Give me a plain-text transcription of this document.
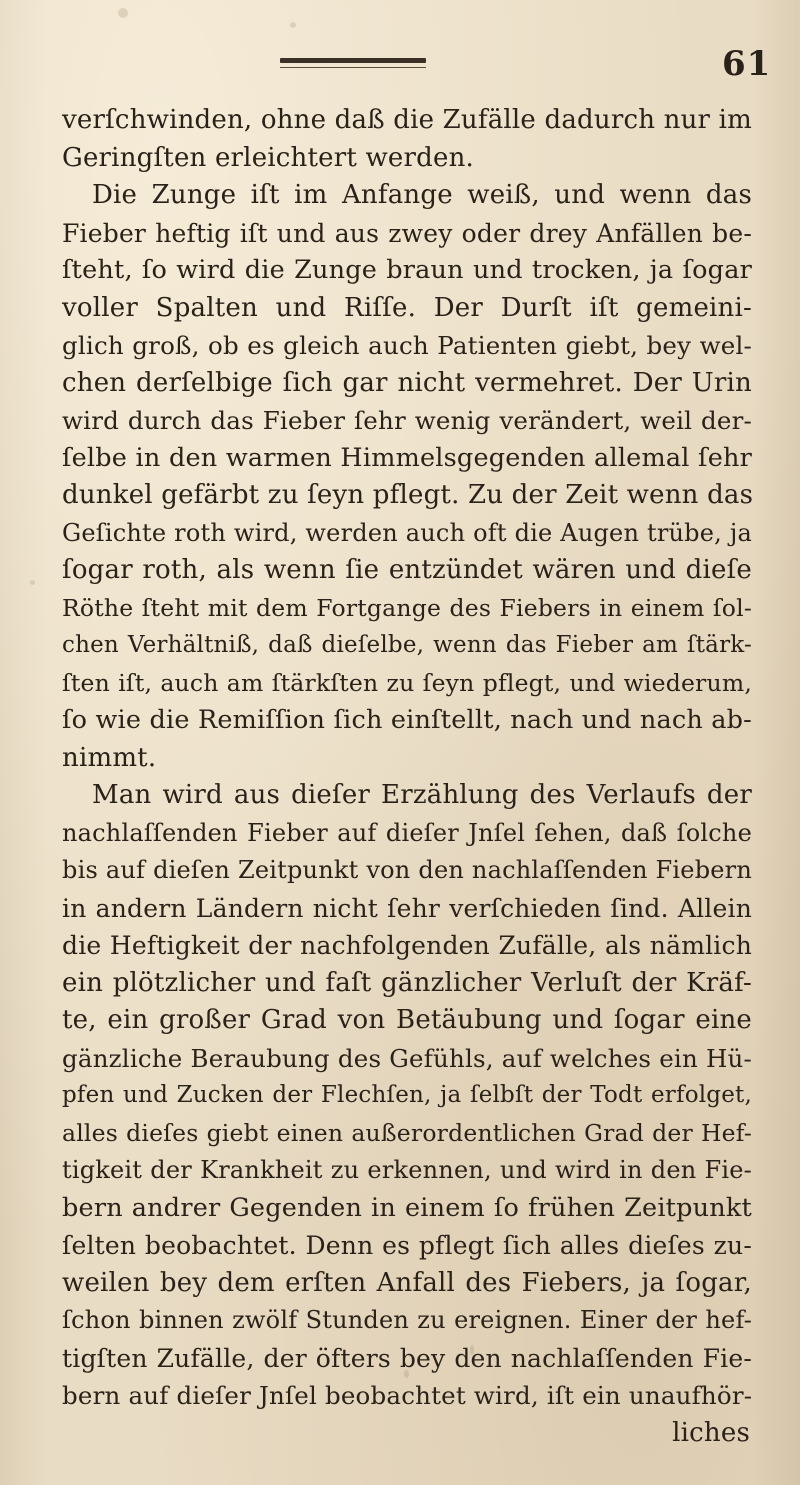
61
verſchwinden, ohne daß die Zufälle dadurch nur im
Geringſten erleichtert werden.
Die Zunge iſt im Anfange weiß, und wenn das
Fieber heftig iſt und aus zwey oder drey Anfällen be-
ſteht, ſo wird die Zunge braun und trocken, ja ſogar
voller Spalten und Riſſe. Der Durſt iſt gemeini-
glich groß, ob es gleich auch Patienten giebt, bey wel-
chen derſelbige ſich gar nicht vermehret. Der Urin
wird durch das Fieber ſehr wenig verändert, weil der-
ſelbe in den warmen Himmelsgegenden allemal ſehr
dunkel gefärbt zu ſeyn pflegt. Zu der Zeit wenn das
Geſichte roth wird, werden auch oft die Augen trübe, ja
ſogar roth, als wenn ſie entzündet wären und dieſe
Röthe ſteht mit dem Fortgange des Fiebers in einem ſol-
chen Verhältniß, daß dieſelbe, wenn das Fieber am ſtärk-
ſten iſt, auch am ſtärkſten zu ſeyn pflegt, und wiederum,
ſo wie die Remiſſion ſich einſtellt, nach und nach ab-
nimmt.
Man wird aus dieſer Erzählung des Verlaufs der
nachlaſſenden Fieber auf dieſer Jnſel ſehen, daß ſolche
bis auf dieſen Zeitpunkt von den nachlaſſenden Fiebern
in andern Ländern nicht ſehr verſchieden ſind. Allein
die Heftigkeit der nachfolgenden Zufälle, als nämlich
ein plötzlicher und faſt gänzlicher Verluſt der Kräf-
te, ein großer Grad von Betäubung und ſogar eine
gänzliche Beraubung des Gefühls, auf welches ein Hü-
pfen und Zucken der Flechſen, ja ſelbſt der Todt erfolget,
alles dieſes giebt einen außerordentlichen Grad der Hef-
tigkeit der Krankheit zu erkennen, und wird in den Fie-
bern andrer Gegenden in einem ſo frühen Zeitpunkt
ſelten beobachtet. Denn es pflegt ſich alles dieſes zu-
weilen bey dem erſten Anfall des Fiebers, ja ſogar,
ſchon binnen zwölf Stunden zu ereignen. Einer der hef-
tigſten Zufälle, der öfters bey den nachlaſſenden Fie-
bern auf dieſer Jnſel beobachtet wird, iſt ein unaufhör-
liches
